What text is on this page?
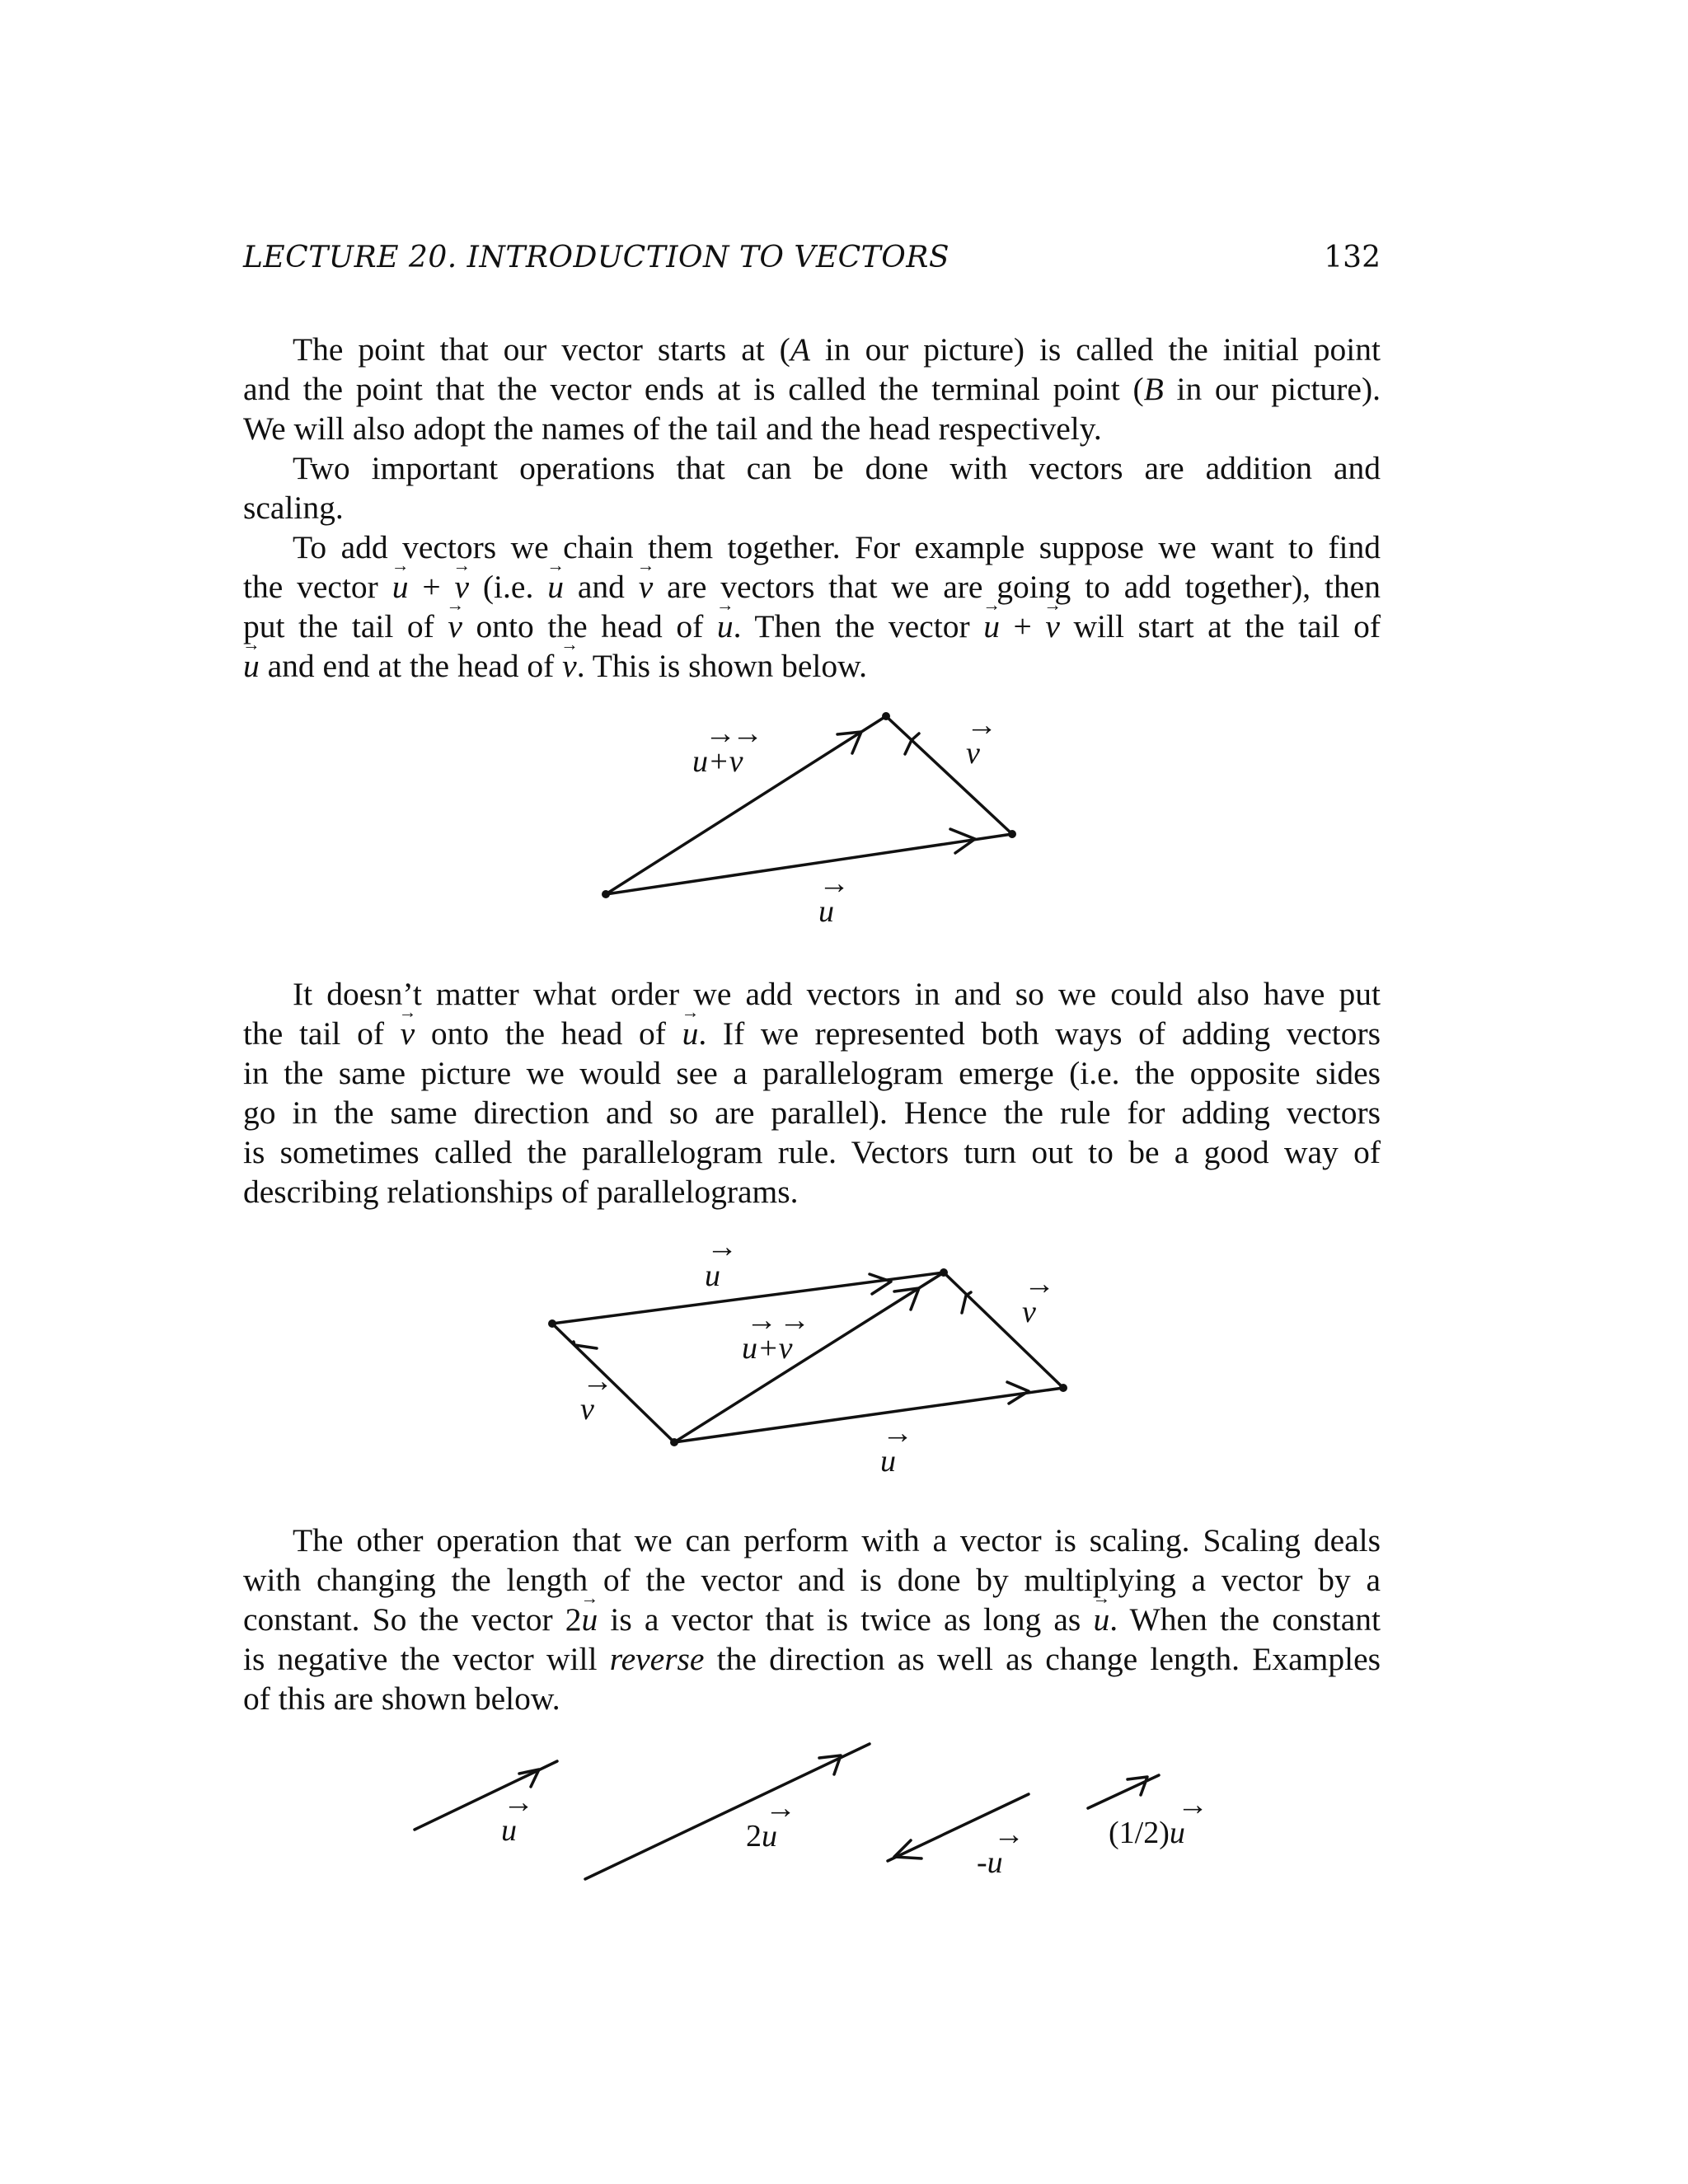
LECTURE 20. INTRODUCTION TO VECTORS	132
The point that our vector starts at (A in our picture) is called the initial point
and the point that the vector ends at is called the terminal point (B in our picture).
We will also adopt the names of the tail and the head respectively.
Two important operations that can be done with vectors are addition and
scaling.
To add vectors we chain them together. For example suppose we want to find
the vector → u + → v (i.e. → u and → v are vectors that we are going to add together), then
put the tail of → v onto the head of → u. Then the vector → u + → v will start at the tail of
→ u and end at the head of → v. This is shown below.
u+v
→
→
v
→
u
→
It doesn’t matter what order we add vectors in and so we could also have put
the tail of → v onto the head of → u. If we represented both ways of adding vectors
in the same picture we would see a parallelogram emerge (i.e. the opposite sides
go in the same direction and so are parallel). Hence the rule for adding vectors
is sometimes called the parallelogram rule. Vectors turn out to be a good way of
describing relationships of parallelograms.
u
→
v
→
u+v
→ →
v
→
u
→
The other operation that we can perform with a vector is scaling. Scaling deals
with changing the length of the vector and is done by multiplying a vector by a
constant. So the vector 2→ u is a vector that is twice as long as → u. When the constant
is negative the vector will reverse the direction as well as change length. Examples
of this are shown below.
u
→
2u
→
-u
→	(1/2)u
→
